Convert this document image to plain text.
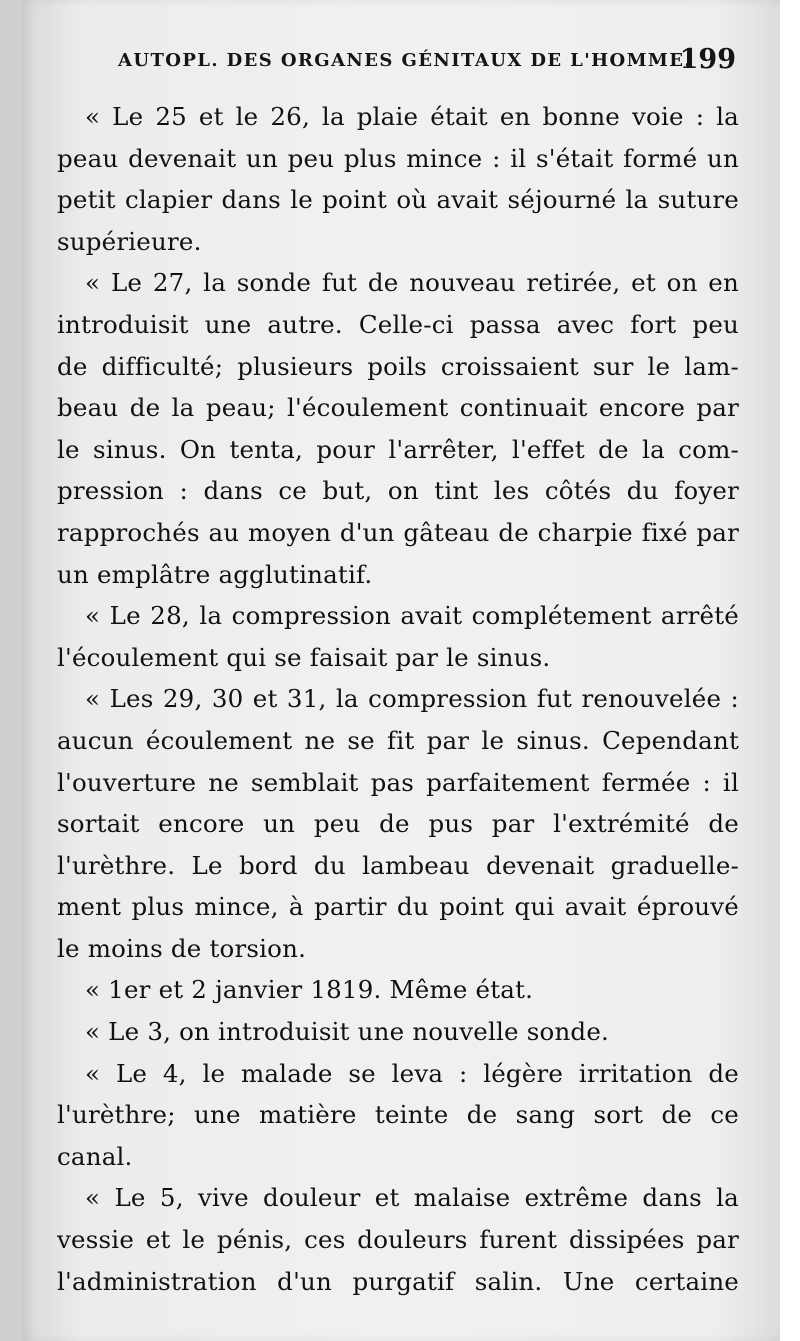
AUTOPL. DES ORGANES GÉNITAUX DE L'HOMME.
199
« Le 25 et le 26, la plaie était en bonne voie : la
peau devenait un peu plus mince : il s'était formé un
petit clapier dans le point où avait séjourné la suture
supérieure.
« Le 27, la sonde fut de nouveau retirée, et on en
introduisit une autre. Celle-ci passa avec fort peu
de difficulté; plusieurs poils croissaient sur le lam-
beau de la peau; l'écoulement continuait encore par
le sinus. On tenta, pour l'arrêter, l'effet de la com-
pression : dans ce but, on tint les côtés du foyer
rapprochés au moyen d'un gâteau de charpie fixé par
un emplâtre agglutinatif.
« Le 28, la compression avait complétement arrêté
l'écoulement qui se faisait par le sinus.
« Les 29, 30 et 31, la compression fut renouvelée :
aucun écoulement ne se fit par le sinus. Cependant
l'ouverture ne semblait pas parfaitement fermée : il
sortait encore un peu de pus par l'extrémité de
l'urèthre. Le bord du lambeau devenait graduelle-
ment plus mince, à partir du point qui avait éprouvé
le moins de torsion.
« 1er et 2 janvier 1819. Même état.
« Le 3, on introduisit une nouvelle sonde.
« Le 4, le malade se leva : légère irritation de
l'urèthre; une matière teinte de sang sort de ce
canal.
« Le 5, vive douleur et malaise extrême dans la
vessie et le pénis, ces douleurs furent dissipées par
l'administration d'un purgatif salin. Une certaine
